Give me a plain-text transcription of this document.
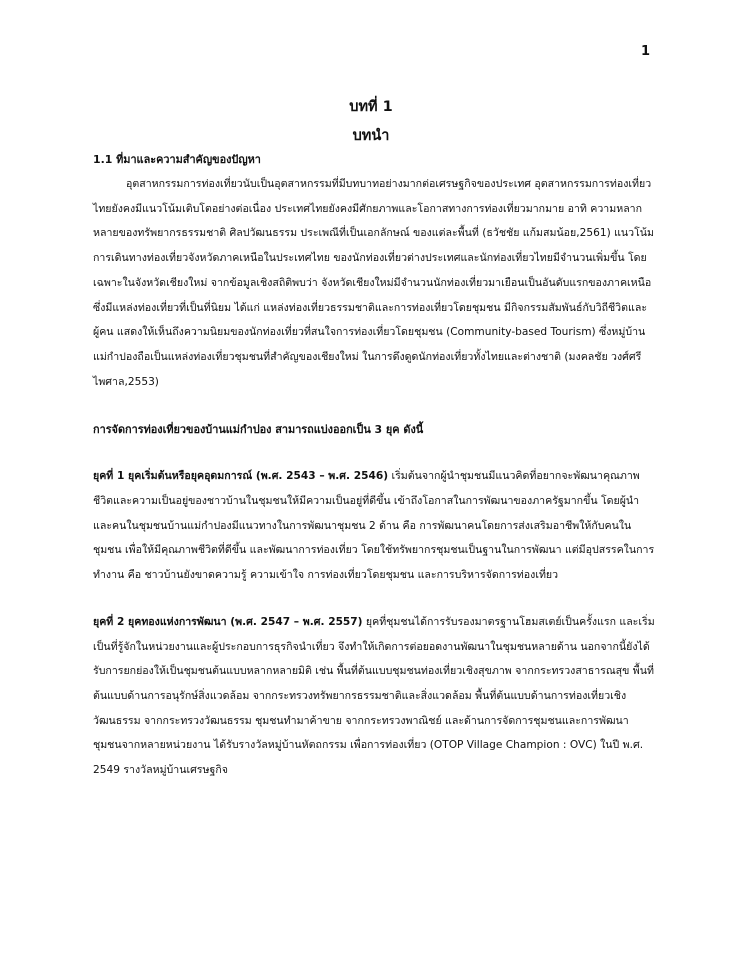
1
บทที่ 1
บทนำ
1.1 ที่มาและความสำคัญของปัญหา

อุตสาหกรรมการท่องเที่ยวนับเป็นอุตสาหกรรมที่มีบทบาทอย่างมากต่อเศรษฐกิจของประเทศ อุตสาหกรรมการท่องเที่ยวไทยยังคงมีแนวโน้มเติบโตอย่างต่อเนื่อง ประเทศไทยยังคงมีศักยภาพและโอกาสทางการท่องเที่ยวมากมาย อาทิ ความหลากหลายของทรัพยากรธรรมชาติ ศิลปวัฒนธรรม ประเพณีที่เป็นเอกลักษณ์ ของแต่ละพื้นที่ (ธวัชชัย แก้มสมน้อย,2561) แนวโน้มการเดินทางท่องเที่ยวจังหวัดภาคเหนือในประเทศไทย ของนักท่องเที่ยวต่างประเทศและนักท่องเที่ยวไทยมีจำนวนเพิ่มขึ้น โดยเฉพาะในจังหวัดเชียงใหม่ จากข้อมูลเชิงสถิติพบว่า จังหวัดเชียงใหม่มีจำนวนนักท่องเที่ยวมาเยือนเป็นอันดับแรกของภาคเหนือ ซึ่งมีแหล่งท่องเที่ยวที่เป็นที่นิยม ได้แก่ แหล่งท่องเที่ยวธรรมชาติและการท่องเที่ยวโดยชุมชน มีกิจกรรมสัมพันธ์กับวิถีชีวิตและผู้คน แสดงให้เห็นถึงความนิยมของนักท่องเที่ยวที่สนใจการท่องเที่ยวโดยชุมชน (Community-based Tourism) ซึ่งหมู่บ้านแม่กำปองถือเป็นแหล่งท่องเที่ยวชุมชนที่สำคัญของเชียงใหม่ ในการดึงดูดนักท่องเที่ยวทั้งไทยและต่างชาติ (มงคลชัย วงศ์ศรีไพศาล,2553)

การจัดการท่องเที่ยวของบ้านแม่กำปอง สามารถแบ่งออกเป็น 3 ยุค ดังนี้

ยุคที่ 1 ยุคเริ่มต้นหรือยุคอุดมการณ์ (พ.ศ. 2543 – พ.ศ. 2546) เริ่มต้นจากผู้นำชุมชนมีแนวคิดที่อยากจะพัฒนาคุณภาพชีวิตและความเป็นอยู่ของชาวบ้านในชุมชนให้มีความเป็นอยู่ที่ดีขึ้น เข้าถึงโอกาสในการพัฒนาของภาครัฐมากขึ้น โดยผู้นำและคนในชุมชนบ้านแม่กำปองมีแนวทางในการพัฒนาชุมชน 2 ด้าน คือ การพัฒนาคนโดยการส่งเสริมอาชีพให้กับคนในชุมชน เพื่อให้มีคุณภาพชีวิตที่ดีขึ้น และพัฒนาการท่องเที่ยว โดยใช้ทรัพยากรชุมชนเป็นฐานในการพัฒนา แต่มีอุปสรรคในการทำงาน คือ ชาวบ้านยังขาดความรู้ ความเข้าใจ การท่องเที่ยวโดยชุมชน และการบริหารจัดการท่องเที่ยว

ยุคที่ 2 ยุคทองแห่งการพัฒนา (พ.ศ. 2547 – พ.ศ. 2557) ยุคที่ชุมชนได้การรับรองมาตรฐานโฮมสเตย์เป็นครั้งแรก และเริ่มเป็นที่รู้จักในหน่วยงานและผู้ประกอบการธุรกิจนำเที่ยว จึงทำให้เกิดการต่อยอดงานพัฒนาในชุมชนหลายด้าน นอกจากนี้ยังได้รับการยกย่องให้เป็นชุมชนต้นแบบหลากหลายมิติ เช่น พื้นที่ต้นแบบชุมชนท่องเที่ยวเชิงสุขภาพ จากกระทรวงสาธารณสุข พื้นที่ต้นแบบด้านการอนุรักษ์สิ่งแวดล้อม จากกระทรวงทรัพยากรธรรมชาติและสิ่งแวดล้อม พื้นที่ต้นแบบด้านการท่องเที่ยวเชิงวัฒนธรรม จากกระทรวงวัฒนธรรม ชุมชนทำมาค้าขาย จากกระทรวงพาณิชย์ และด้านการจัดการชุมชนและการพัฒนาชุมชนจากหลายหน่วยงาน ได้รับรางวัลหมู่บ้านหัตถกรรม เพื่อการท่องเที่ยว (OTOP Village Champion : OVC) ในปี พ.ศ. 2549 รางวัลหมู่บ้านเศรษฐกิจ
